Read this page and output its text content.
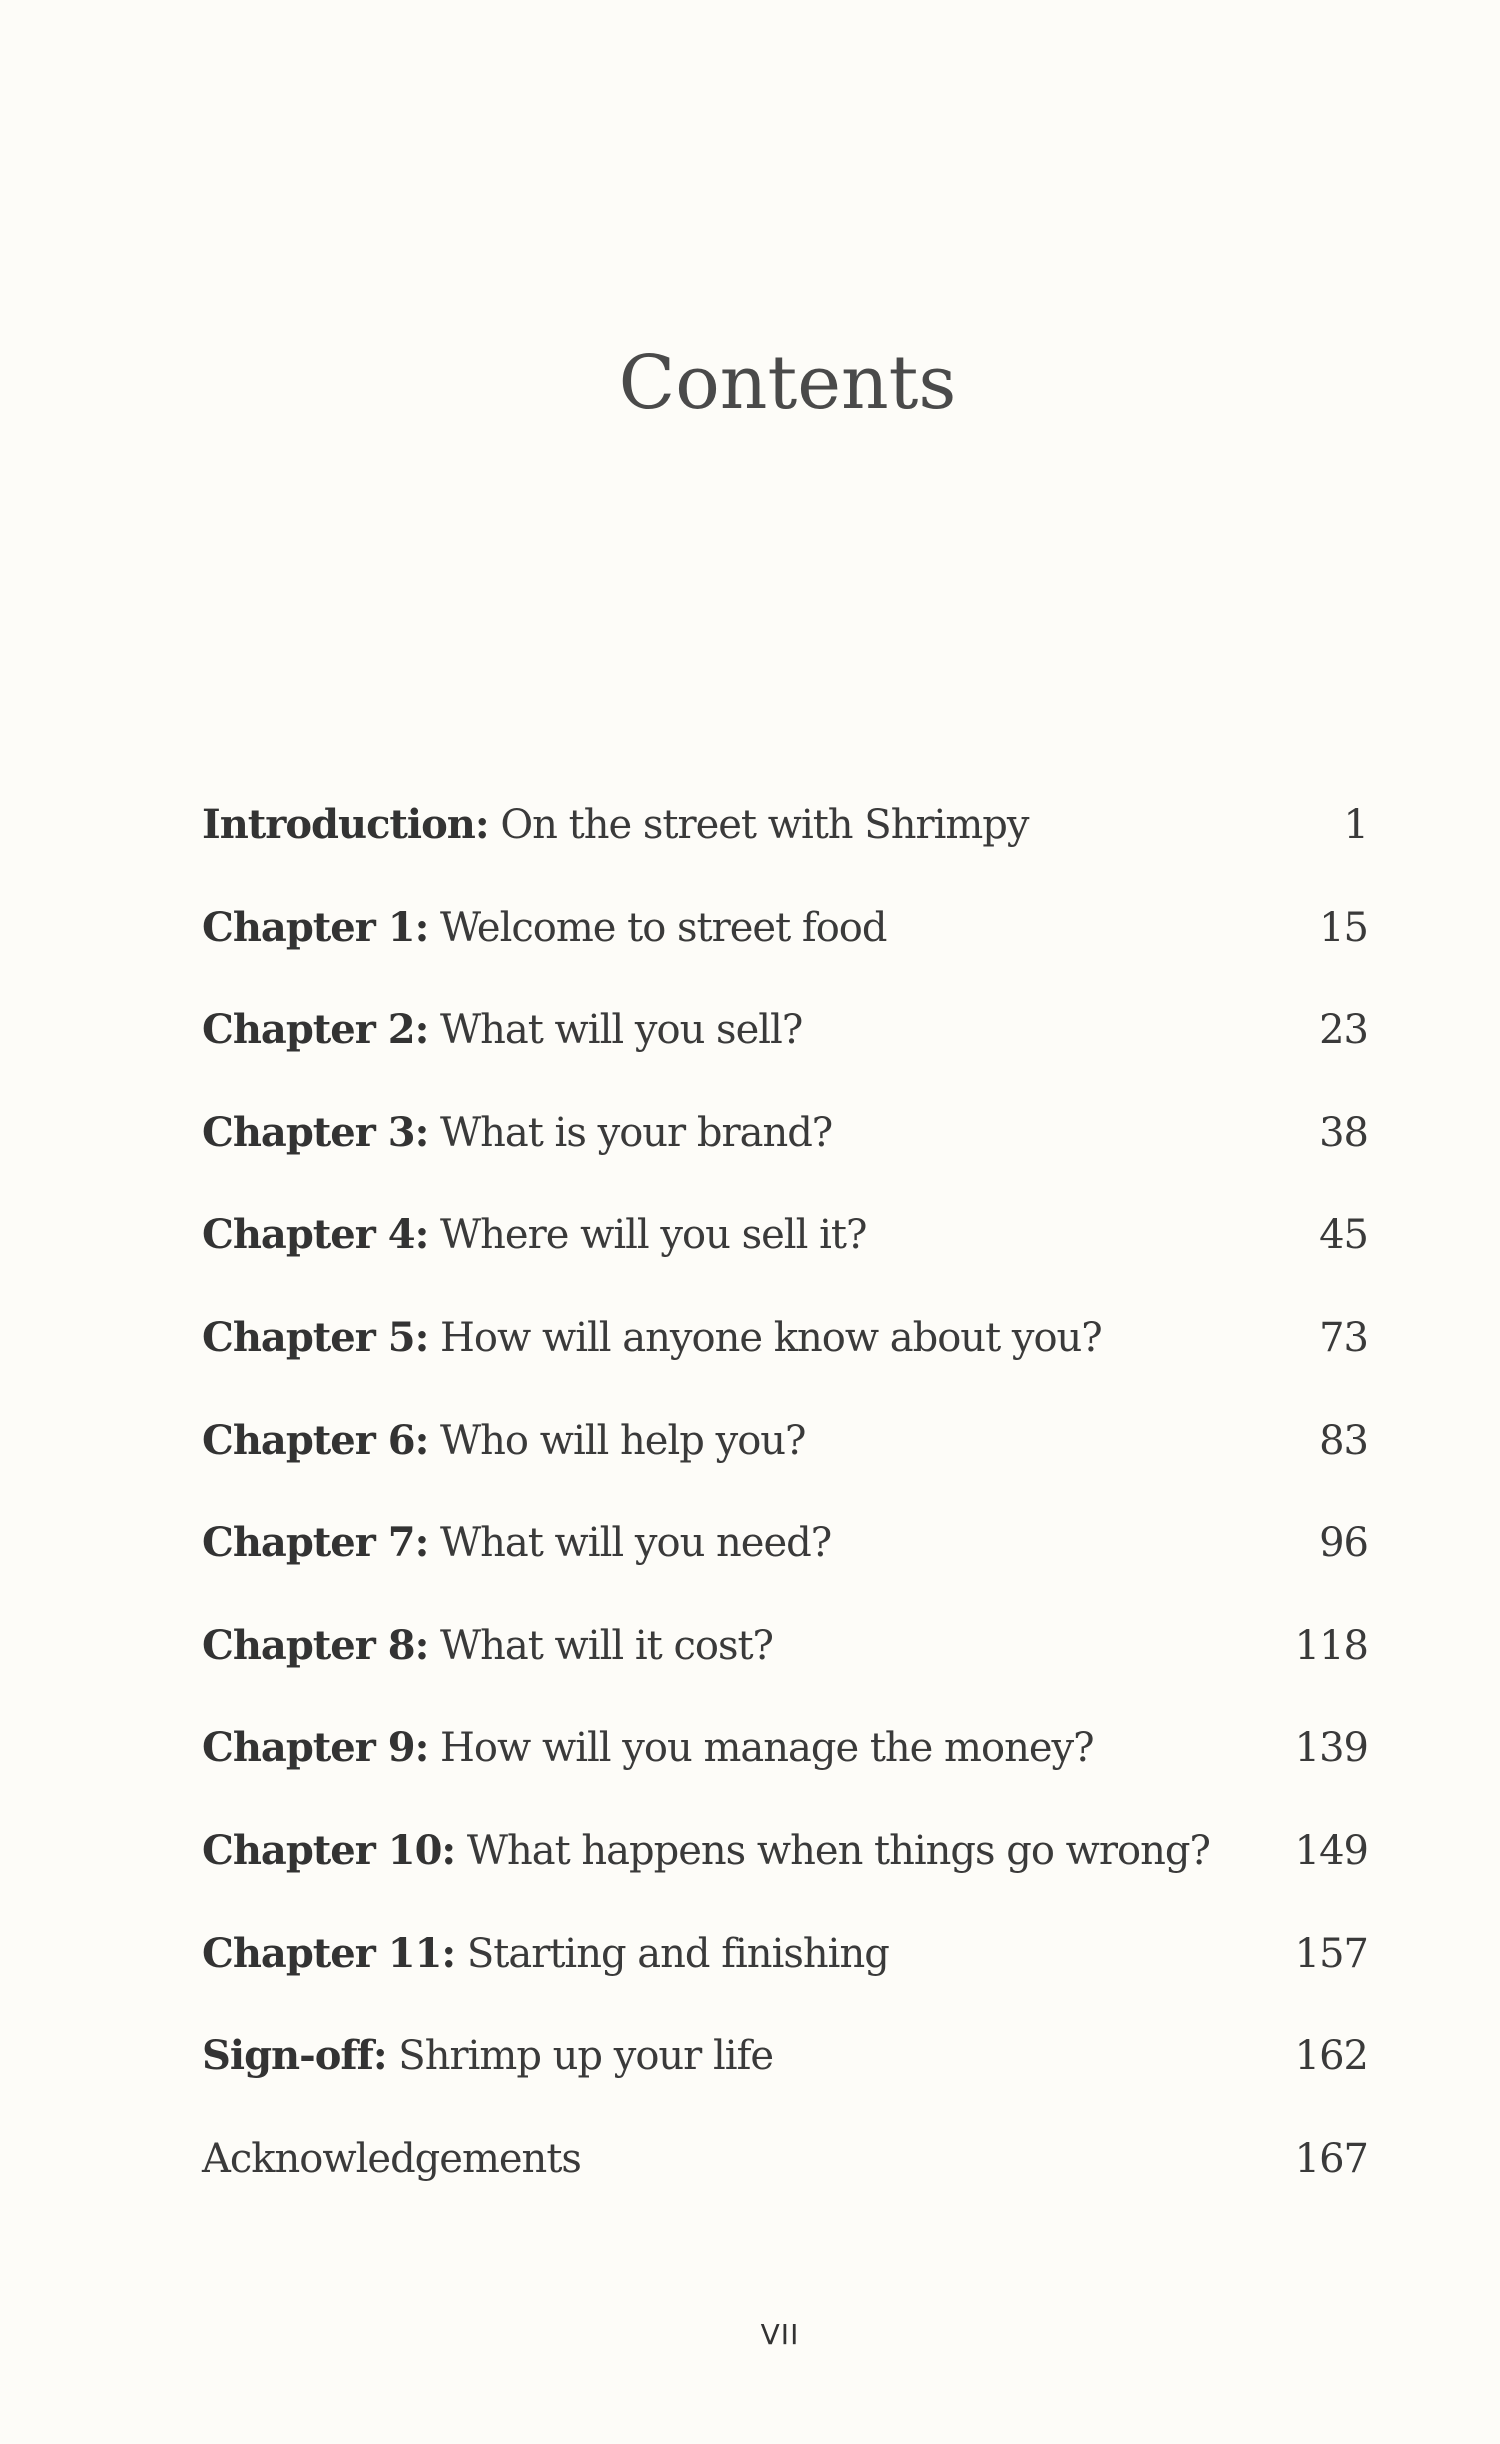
Contents
Introduction: On the street with Shrimpy	1
Chapter 1: Welcome to street food	15
Chapter 2: What will you sell?	23
Chapter 3: What is your brand?	38
Chapter 4: Where will you sell it?	45
Chapter 5: How will anyone know about you?	73
Chapter 6: Who will help you?	83
Chapter 7: What will you need?	96
Chapter 8: What will it cost?	118
Chapter 9: How will you manage the money?	139
Chapter 10: What happens when things go wrong? 149
Chapter 11: Starting and finishing	157
Sign-off: Shrimp up your life	162
Acknowledgements	167
VII
